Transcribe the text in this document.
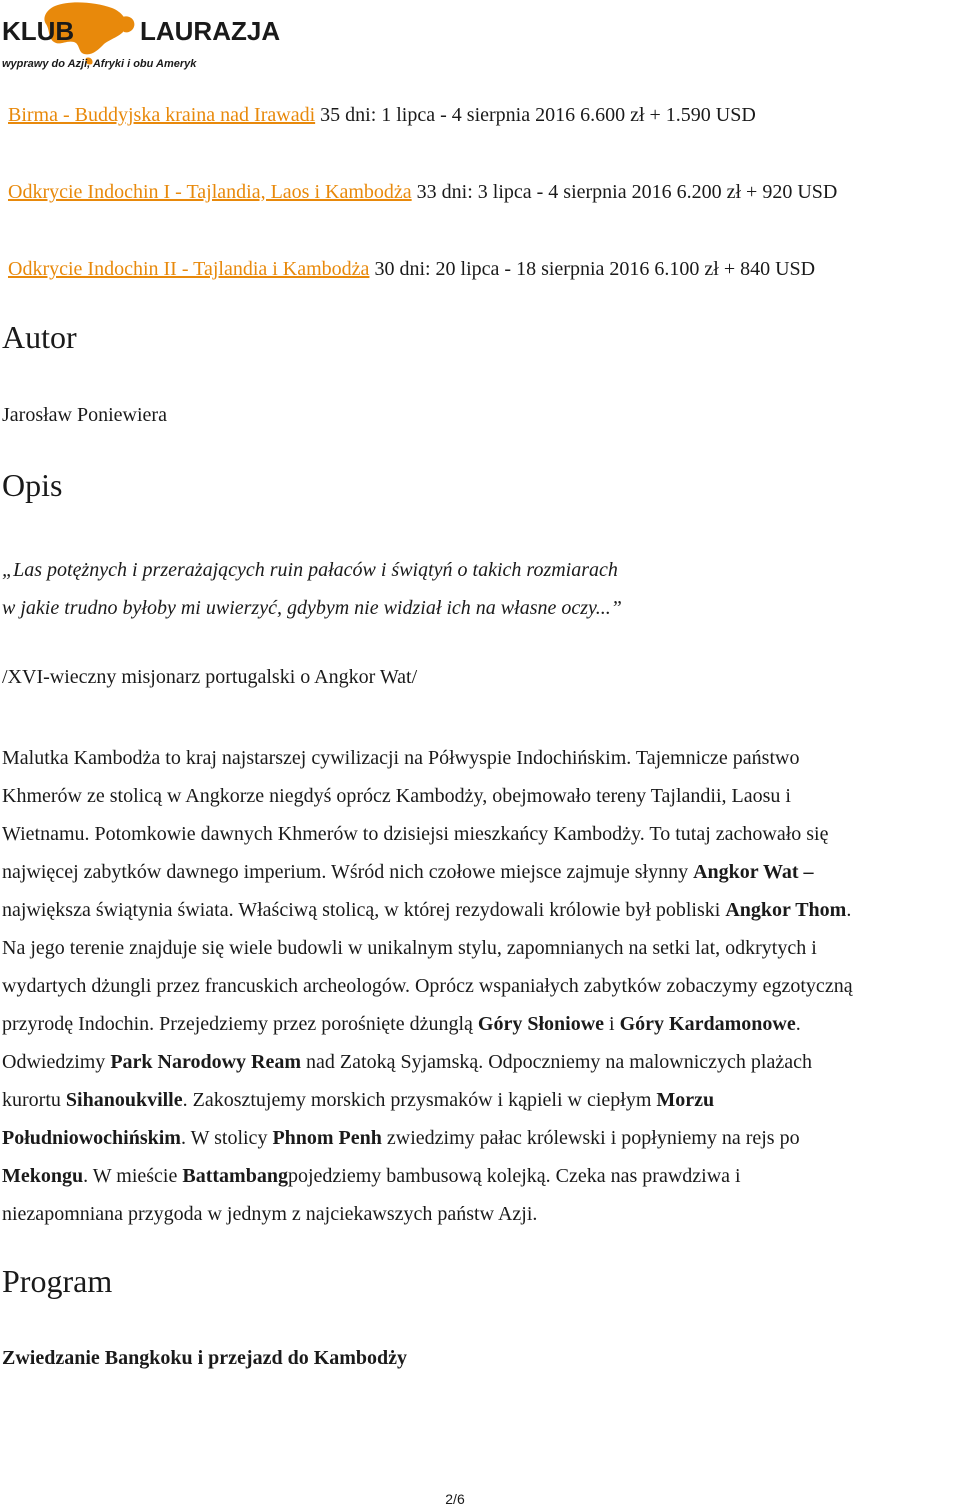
KLUB	LAURAZJA
wyprawy do Azji, Afryki i obu Ameryk
Birma - Buddyjska kraina nad Irawadi 35 dni: 1 lipca - 4 sierpnia 2016 6.600 zł + 1.590 USD
Odkrycie Indochin I - Tajlandia, Laos i Kambodża 33 dni: 3 lipca - 4 sierpnia 2016 6.200 zł + 920 USD
Odkrycie Indochin II - Tajlandia i Kambodża 30 dni: 20 lipca - 18 sierpnia 2016 6.100 zł + 840 USD
Autor
Jarosław Poniewiera
Opis
„Las potężnych i przerażających ruin pałaców i świątyń o takich rozmiarach
w jakie trudno byłoby mi uwierzyć, gdybym nie widział ich na własne oczy...”
/XVI-wieczny misjonarz portugalski o Angkor Wat/
Malutka Kambodża to kraj najstarszej cywilizacji na Półwyspie Indochińskim. Tajemnicze państwo
Khmerów ze stolicą w Angkorze niegdyś oprócz Kambodży, obejmowało tereny Tajlandii, Laosu i
Wietnamu. Potomkowie dawnych Khmerów to dzisiejsi mieszkańcy Kambodży. To tutaj zachowało się
najwięcej zabytków dawnego imperium. Wśród nich czołowe miejsce zajmuje słynny Angkor Wat –
największa świątynia świata. Właściwą stolicą, w której rezydowali królowie był pobliski Angkor Thom.
Na jego terenie znajduje się wiele budowli w unikalnym stylu, zapomnianych na setki lat, odkrytych i
wydartych dżungli przez francuskich archeologów. Oprócz wspaniałych zabytków zobaczymy egzotyczną
przyrodę Indochin. Przejedziemy przez porośnięte dżunglą Góry Słoniowe i Góry Kardamonowe.
Odwiedzimy Park Narodowy Ream nad Zatoką Syjamską. Odpoczniemy na malowniczych plażach
kurortu Sihanoukville. Zakosztujemy morskich przysmaków i kąpieli w ciepłym Morzu
Południowochińskim. W stolicy Phnom Penh zwiedzimy pałac królewski i popłyniemy na rejs po
Mekongu. W mieście Battambangpojedziemy bambusową kolejką. Czeka nas prawdziwa i
niezapomniana przygoda w jednym z najciekawszych państw Azji.
Program
Zwiedzanie Bangkoku i przejazd do Kambodży
2/6
